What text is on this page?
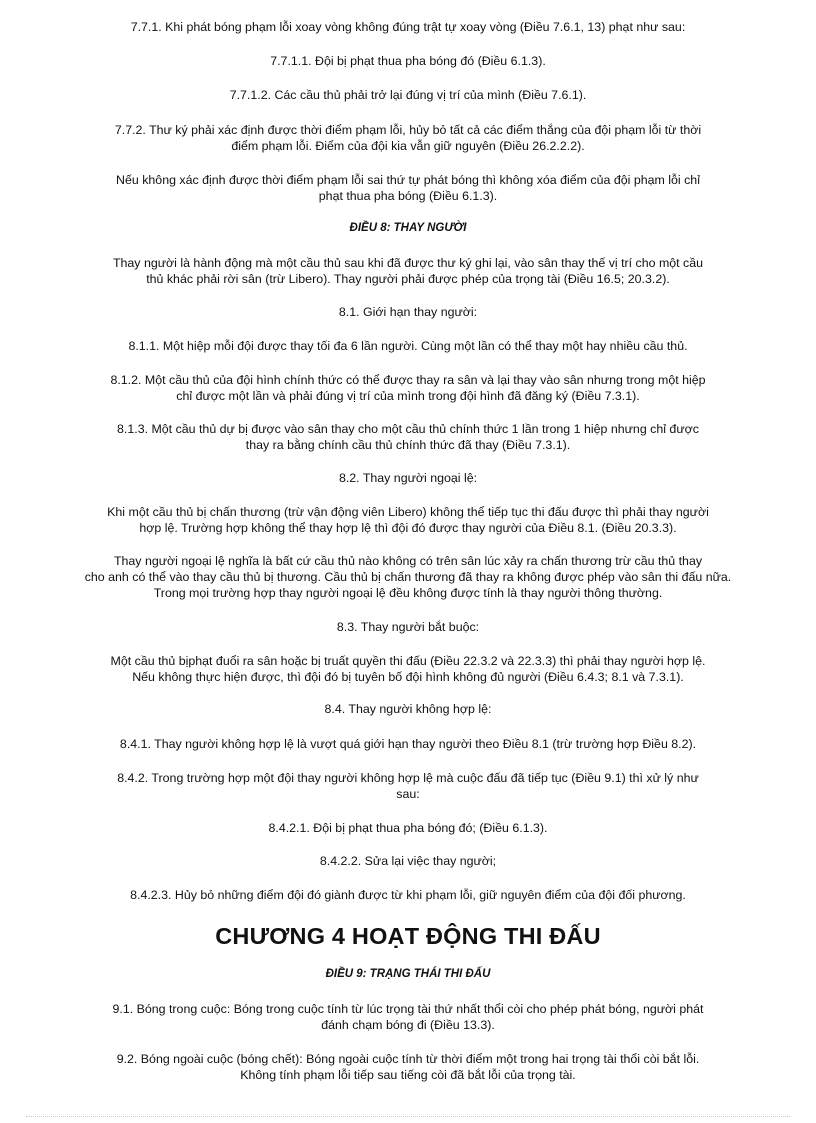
7.7.1. Khi phát bóng phạm lỗi xoay vòng không đúng trật tự xoay vòng (Điều 7.6.1, 13) phạt như sau:

7.7.1.1. Đội bị phạt thua pha bóng đó (Điều 6.1.3).

7.7.1.2. Các cầu thủ phải trở lại đúng vị trí của mình (Điều 7.6.1).

7.7.2. Thư ký phải xác định được thời điểm phạm lỗi, hủy bỏ tất cả các điểm thắng của đội phạm lỗi từ thời
điểm phạm lỗi. Điểm của đội kia vẫn giữ nguyên (Điều 26.2.2.2).

Nếu không xác định được thời điểm phạm lỗi sai thứ tự phát bóng thì không xóa điểm của đội phạm lỗi chỉ
phạt thua pha bóng (Điều 6.1.3).

ĐIỀU 8: THAY NGƯỜI

Thay người là hành động mà một cầu thủ sau khi đã được thư ký ghi lại, vào sân thay thế vị trí cho một cầu
thủ khác phải rời sân (trừ Libero). Thay người phải được phép của trọng tài (Điều 16.5; 20.3.2).

8.1. Giới hạn thay người:

8.1.1. Một hiệp mỗi đội được thay tối đa 6 lần người. Cùng một lần có thể thay một hay nhiều cầu thủ.

8.1.2. Một cầu thủ của đội hình chính thức có thể được thay ra sân và lại thay vào sân nhưng trong một hiệp
chỉ được một lần và phải đúng vị trí của mình trong đội hình đã đăng ký (Điều 7.3.1).

8.1.3. Một cầu thủ dự bị được vào sân thay cho một cầu thủ chính thức 1 lần trong 1 hiệp nhưng chỉ được
thay ra bằng chính cầu thủ chính thức đã thay (Điều 7.3.1).

8.2. Thay người ngoại lệ:

Khi một cầu thủ bị chấn thương (trừ vận động viên Libero) không thể tiếp tục thi đấu được thì phải thay người
hợp lệ. Trường hợp không thể thay hợp lệ thì đội đó được thay người của Điều 8.1. (Điều 20.3.3).

Thay người ngoại lệ nghĩa là bất cứ cầu thủ nào không có trên sân lúc xảy ra chấn thương trừ cầu thủ thay
cho anh có thể vào thay cầu thủ bị thương. Cầu thủ bị chấn thương đã thay ra không được phép vào sân thi đấu nữa.
Trong mọi trường hợp thay người ngoại lệ đều không được tính là thay người thông thường.

8.3. Thay người bắt buộc:

Một cầu thủ bịphạt đuổi ra sân hoặc bị truất quyền thi đấu (Điều 22.3.2 và 22.3.3) thì phải thay người hợp lệ.
Nếu không thực hiện được, thì đội đó bị tuyên bố đội hình không đủ người (Điều 6.4.3; 8.1 và 7.3.1).

8.4. Thay người không hợp lệ:

8.4.1. Thay người không hợp lệ là vượt quá giới hạn thay người theo Điều 8.1 (trừ trường hợp Điều 8.2).

8.4.2. Trong trường hợp một đội thay người không hợp lệ mà cuộc đấu đã tiếp tục (Điều 9.1) thì xử lý như
sau:

8.4.2.1. Đội bị phạt thua pha bóng đó; (Điều 6.1.3).

8.4.2.2. Sửa lại việc thay người;

8.4.2.3. Hủy bỏ những điểm đội đó giành được từ khi phạm lỗi, giữ nguyên điểm của đội đối phương.

CHƯƠNG 4 HOẠT ĐỘNG THI ĐẤU

ĐIỀU 9: TRẠNG THÁI THI ĐẤU

9.1. Bóng trong cuộc: Bóng trong cuộc tính từ lúc trọng tài thứ nhất thổi còi cho phép phát bóng, người phát
đánh chạm bóng đi (Điều 13.3).

9.2. Bóng ngoài cuộc (bóng chết): Bóng ngoài cuộc tính từ thời điểm một trong hai trọng tài thổi còi bắt lỗi.
Không tính phạm lỗi tiếp sau tiếng còi đã bắt lỗi của trọng tài.
